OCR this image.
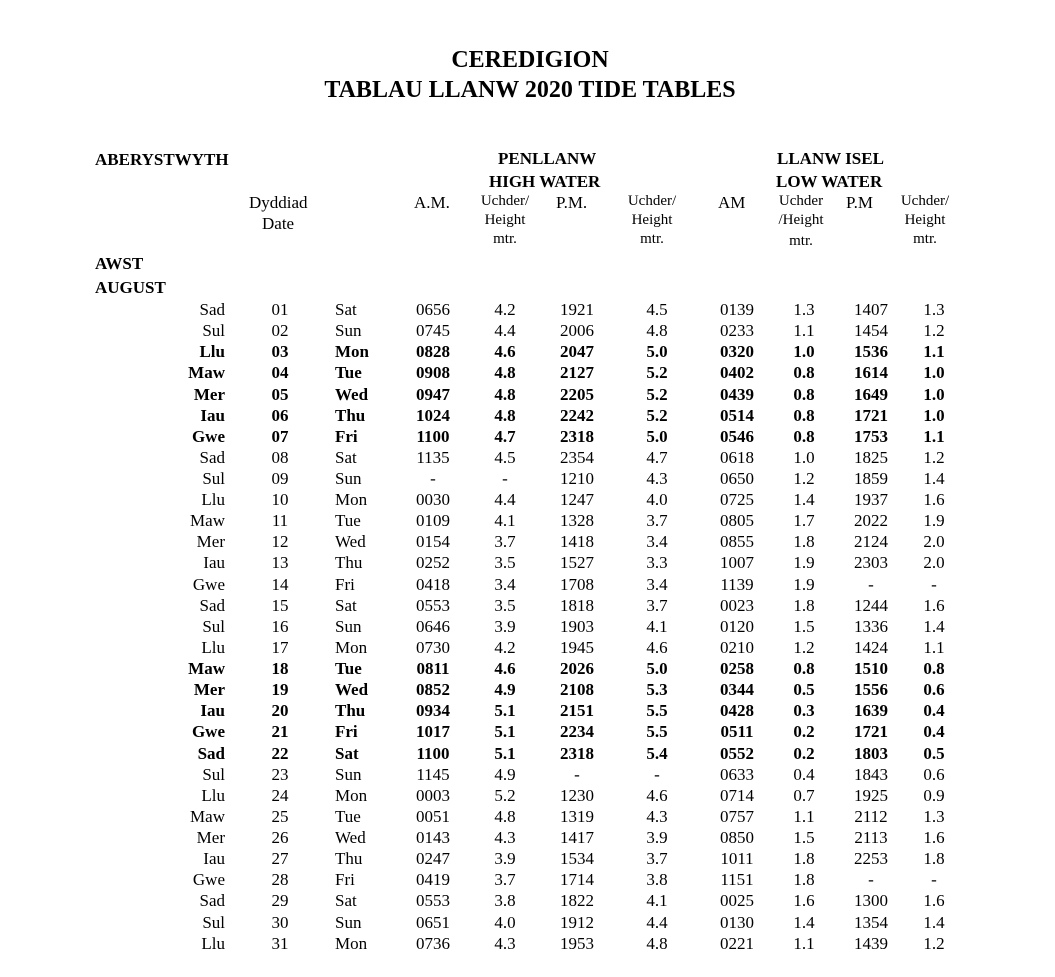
CEREDIGION
TABLAU LLANW 2020 TIDE TABLES
ABERYSTWYTH	PENLLANW
HIGH WATER
LLANW ISEL
LOW WATER
Dyddiad
Date
A.M.	Uchder/
Height
mtr.
P.M.	Uchder/
Height
mtr.
AM	Uchder
/Height
mtr.
P.M	Uchder/
Height
mtr.
AWST
AUGUST
Sad	01	Sat	0656	4.2	1921	4.5	0139	1.3	1407	1.3
Sul	02	Sun	0745	4.4	2006	4.8	0233	1.1	1454	1.2
Llu	03	Mon	0828	4.6	2047	5.0	0320	1.0	1536	1.1
Maw	04	Tue	0908	4.8	2127	5.2	0402	0.8	1614	1.0
Mer	05	Wed	0947	4.8	2205	5.2	0439	0.8	1649	1.0
Iau	06	Thu	1024	4.8	2242	5.2	0514	0.8	1721	1.0
Gwe	07	Fri	1100	4.7	2318	5.0	0546	0.8	1753	1.1
Sad	08	Sat	1135	4.5	2354	4.7	0618	1.0	1825	1.2
Sul	09	Sun	-	-	1210	4.3	0650	1.2	1859	1.4
Llu	10	Mon	0030	4.4	1247	4.0	0725	1.4	1937	1.6
Maw	11	Tue	0109	4.1	1328	3.7	0805	1.7	2022	1.9
Mer	12	Wed	0154	3.7	1418	3.4	0855	1.8	2124	2.0
Iau	13	Thu	0252	3.5	1527	3.3	1007	1.9	2303	2.0
Gwe	14	Fri	0418	3.4	1708	3.4	1139	1.9	-	-
Sad	15	Sat	0553	3.5	1818	3.7	0023	1.8	1244	1.6
Sul	16	Sun	0646	3.9	1903	4.1	0120	1.5	1336	1.4
Llu	17	Mon	0730	4.2	1945	4.6	0210	1.2	1424	1.1
Maw	18	Tue	0811	4.6	2026	5.0	0258	0.8	1510	0.8
Mer	19	Wed	0852	4.9	2108	5.3	0344	0.5	1556	0.6
Iau	20	Thu	0934	5.1	2151	5.5	0428	0.3	1639	0.4
Gwe	21	Fri	1017	5.1	2234	5.5	0511	0.2	1721	0.4
Sad	22	Sat	1100	5.1	2318	5.4	0552	0.2	1803	0.5
Sul	23	Sun	1145	4.9	-	-	0633	0.4	1843	0.6
Llu	24	Mon	0003	5.2	1230	4.6	0714	0.7	1925	0.9
Maw	25	Tue	0051	4.8	1319	4.3	0757	1.1	2112	1.3
Mer	26	Wed	0143	4.3	1417	3.9	0850	1.5	2113	1.6
Iau	27	Thu	0247	3.9	1534	3.7	1011	1.8	2253	1.8
Gwe	28	Fri	0419	3.7	1714	3.8	1151	1.8	-	-
Sad	29	Sat	0553	3.8	1822	4.1	0025	1.6	1300	1.6
Sul	30	Sun	0651	4.0	1912	4.4	0130	1.4	1354	1.4
Llu	31	Mon	0736	4.3	1953	4.8	0221	1.1	1439	1.2
